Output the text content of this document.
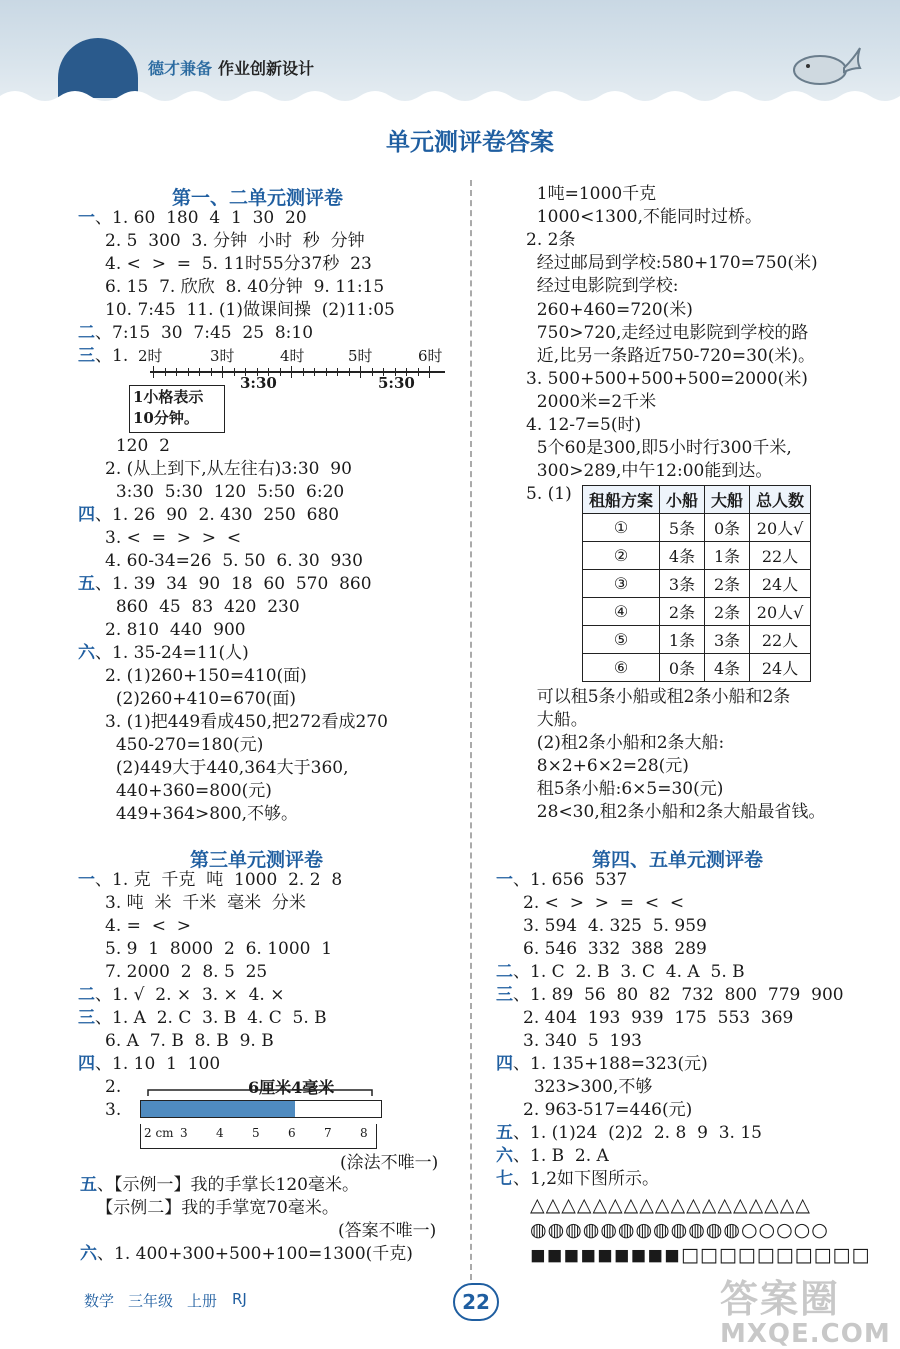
德才兼备 作业创新设计
单元测评卷答案
第一、二单元测评卷
一、1. 60  180  4  1  30  20
2. 5  300  3. 分钟  小时  秒  分钟
4. <  >  =  5. 11时55分37秒  23
6. 15  7. 欣欣  8. 40分钟  9. 11:15
10. 7:45  11. (1)做课间操  (2)11:05
二、7:15  30  7:45  25  8:10
三、1. 2时	3时	4时	5时	6时
3:30	5:30
1小格表示10分钟。
120  2
2. (从上到下,从左往右)3:30  90
3:30  5:30  120  5:50  6:20
四、1. 26  90  2. 430  250  680
3. <  =  >  >  <
4. 60-34=26  5. 50  6. 30  930
五、1. 39  34  90  18  60  570  860
860  45  83  420  230
2. 810  440  900
六、1. 35-24=11(人)
2. (1)260+150=410(面)
(2)260+410=670(面)
3. (1)把449看成450,把272看成270
450-270=180(元)
(2)449大于440,364大于360,
440+360=800(元)
449+364>800,不够。
第三单元测评卷
一、1. 克  千克  吨  1000  2. 2  8
3. 吨  米  千米  毫米  分米
4. =  <  >
5. 9  1  8000  2  6. 1000  1
7. 2000  2  8. 5  25
二、1. √  2. ×  3. ×  4. ×
三、1. A  2. C  3. B  4. C  5. B
6. A  7. B  8. B  9. B
四、1. 10  1  100
2.
3.
6厘米4毫米
2 cm 3 4 5 6 7 8
(涂法不唯一)
五、【示例一】我的手掌长120毫米。
【示例二】我的手掌宽70毫米。
(答案不唯一)
六、1. 400+300+500+100=1300(千克)
1吨=1000千克
1000<1300,不能同时过桥。
2. 2条
经过邮局到学校:580+170=750(米)
经过电影院到学校:
260+460=720(米)
750>720,走经过电影院到学校的路
近,比另一条路近750-720=30(米)。
3. 500+500+500+500=2000(米)
2000米=2千米
4. 12-7=5(时)
5个60是300,即5小时行300千米,
300>289,中午12:00能到达。
5. (1) 租船方案	小船	大船	总人数
①	5条	0条	20人√
②	4条	1条	22人
③	3条	2条	24人
④	2条	2条	20人√
⑤	1条	3条	22人
⑥	0条	4条	24人
可以租5条小船或租2条小船和2条
大船。
(2)租2条小船和2条大船:
8×2+6×2=28(元)
租5条小船:6×5=30(元)
28<30,租2条小船和2条大船最省钱。
第四、五单元测评卷
一、1. 656  537
2. <  >  >  =  <  <
3. 594  4. 325  5. 959
6. 546  332  388  289
二、1. C  2. B  3. C  4. A  5. B
三、1. 89  56  80  82  732  800  779  900
2. 404  193  939  175  553  369
3. 340  5  193
四、1. 135+188=323(元)
323>300,不够
2. 963-517=446(元)
五、1. (1)24  (2)2  2. 8  9  3. 15
六、1. B  2. A
七、1,2如下图所示。
△△△△△△△△△△△△△△△△△△
◍◍◍◍◍◍◍◍◍◍◍◍○○○○○
◼◼◼◼◼◼◼◼◼□□□□□□□□□□
数学 三年级 上册 RJ	22	答案圈
MXQE.COM
